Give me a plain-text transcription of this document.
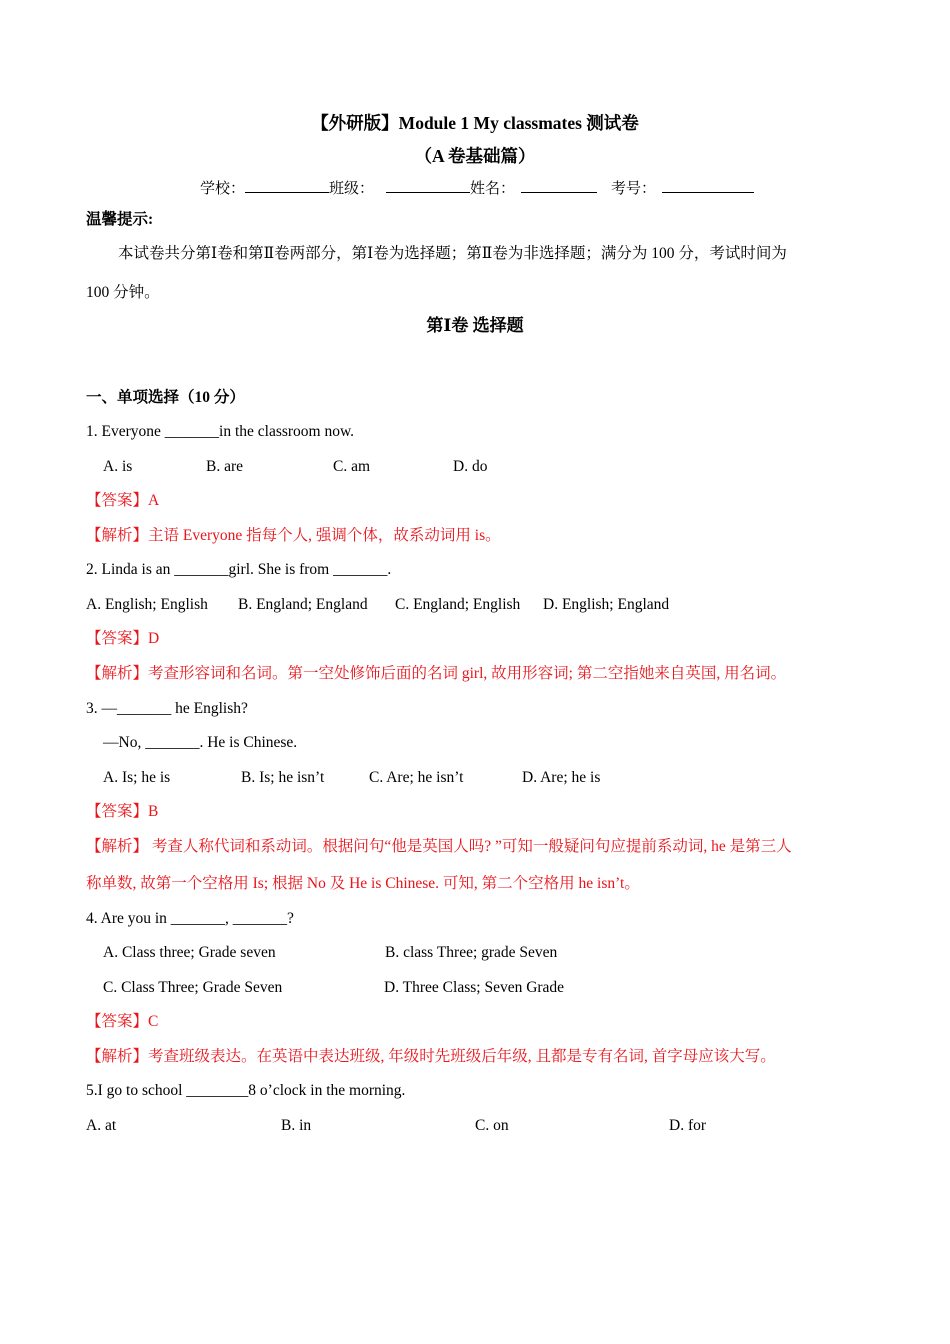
【外研版】Module 1 My classmates 测试卷
（A 卷基础篇）
学校：	班级：	姓名：	考号：
温馨提示:
本试卷共分第Ⅰ卷和第Ⅱ卷两部分，第Ⅰ卷为选择题；第Ⅱ卷为非选择题；满分为 100 分，考试时间为
100 分钟。
第Ⅰ卷 选择题
一、单项选择（10 分）
1. Everyone _______in the classroom now.
A. is	B. are	C. am	D. do
【答案】A
【解析】主语 Everyone 指每个人, 强调个体，故系动词用 is。
2. Linda is an _______girl. She is from _______.
A. English; English B. England; England C. England; English D. English; England
【答案】D
【解析】考查形容词和名词。第一空处修饰后面的名词 girl, 故用形容词; 第二空指她来自英国, 用名词。
3. —_______ he English?
—No, _______. He is Chinese.
A. Is; he is	B. Is; he isn’t	C. Are; he isn’t	D. Are; he is
【答案】B
【解析】 考查人称代词和系动词。根据问句“他是英国人吗? ”可知一般疑问句应提前系动词, he 是第三人
称单数, 故第一个空格用 Is; 根据 No 及 He is Chinese. 可知, 第二个空格用 he isn’t。
4. Are you in _______, _______?
A. Class three; Grade seven	B. class Three; grade Seven
C. Class Three; Grade Seven	D. Three Class; Seven Grade
【答案】C
【解析】考查班级表达。在英语中表达班级, 年级时先班级后年级, 且都是专有名词, 首字母应该大写。
5.I go to school ________8 o’clock in the morning.
A. at	B. in	C. on	D. for
